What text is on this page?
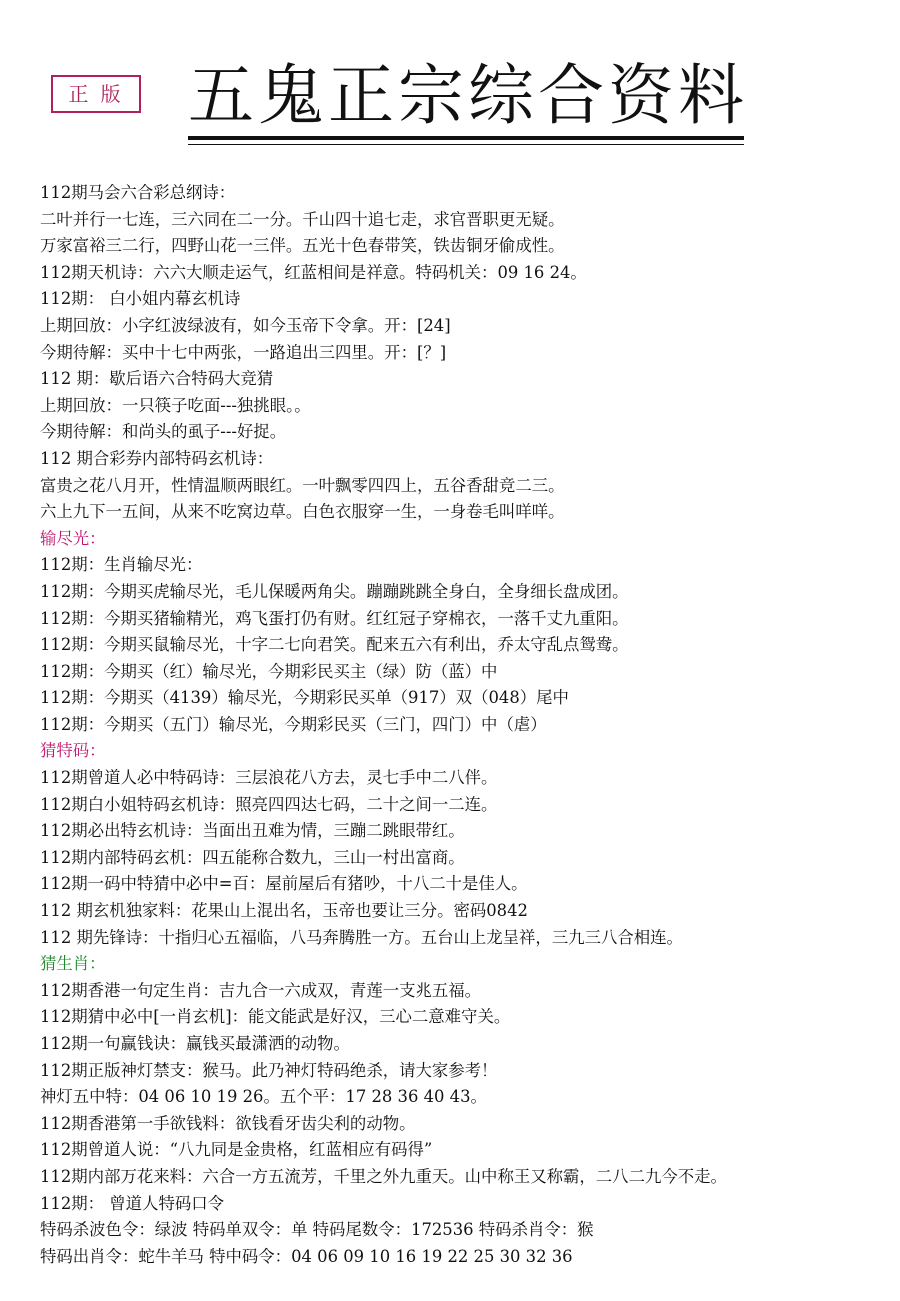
正 版 五鬼正宗综合资料
112期马会六合彩总纲诗：
二叶并行一七连，三六同在二一分。千山四十追七走，求官晋职更无疑。
万家富裕三二行，四野山花一三伴。五光十色春带笑，铁齿铜牙偷成性。
112期天机诗：六六大顺走运气，红蓝相间是祥意。特码机关：09 16 24。
112期： 白小姐内幕玄机诗
上期回放：小字红波绿波有，如今玉帝下令拿。开：[24]
今期待解：买中十七中两张，一路追出三四里。开：[？]
112 期：歇后语六合特码大竞猜
上期回放：一只筷子吃面---独挑眼。。
今期待解：和尚头的虱子---好捉。
112 期合彩券内部特码玄机诗：
富贵之花八月开，性情温顺两眼红。一叶飘零四四上，五谷香甜竞二三。
六上九下一五间，从来不吃窝边草。白色衣服穿一生，一身卷毛叫咩咩。
输尽光：
112期：生肖输尽光：
112期：今期买虎输尽光，毛儿保暖两角尖。蹦蹦跳跳全身白，全身细长盘成团。
112期：今期买猪输精光，鸡飞蛋打仍有财。红红冠子穿棉衣，一落千丈九重阳。
112期：今期买鼠输尽光，十字二七向君笑。配来五六有利出，乔太守乱点鸳鸯。
112期：今期买（红）输尽光，今期彩民买主（绿）防（蓝）中
112期：今期买（4139）输尽光，今期彩民买单（917）双（048）尾中
112期：今期买（五门）输尽光，今期彩民买（三门，四门）中（虐）
猜特码：
112期曾道人必中特码诗：三层浪花八方去，灵七手中二八伴。
112期白小姐特码玄机诗：照亮四四达七码，二十之间一二连。
112期必出特玄机诗：当面出丑难为情，三蹦二跳眼带红。
112期内部特码玄机：四五能称合数九，三山一村出富商。
112期一码中特猜中必中=百：屋前屋后有猪吵，十八二十是佳人。
112 期玄机独家料：花果山上混出名，玉帝也要让三分。密码0842
112 期先锋诗：十指归心五福临，八马奔腾胜一方。五台山上龙呈祥，三九三八合相连。
猜生肖：
112期香港一句定生肖：吉九合一六成双，青莲一支兆五福。
112期猜中必中[一肖玄机]：能文能武是好汉，三心二意难守关。
112期一句赢钱诀：赢钱买最潇洒的动物。
112期正版神灯禁支：猴马。此乃神灯特码绝杀，请大家参考！
神灯五中特：04 06 10 19 26。五个平：17 28 36 40 43。
112期香港第一手欲钱料：欲钱看牙齿尖利的动物。
112期曾道人说：“八九同是金贵格，红蓝相应有码得”
112期内部万花来料：六合一方五流芳，千里之外九重天。山中称王又称霸，二八二九今不走。
112期： 曾道人特码口令
特码杀波色令：绿波 特码单双令：单 特码尾数令：172536 特码杀肖令：猴
特码出肖令：蛇牛羊马 特中码令：04 06 09 10 16 19 22 25 30 32 36
